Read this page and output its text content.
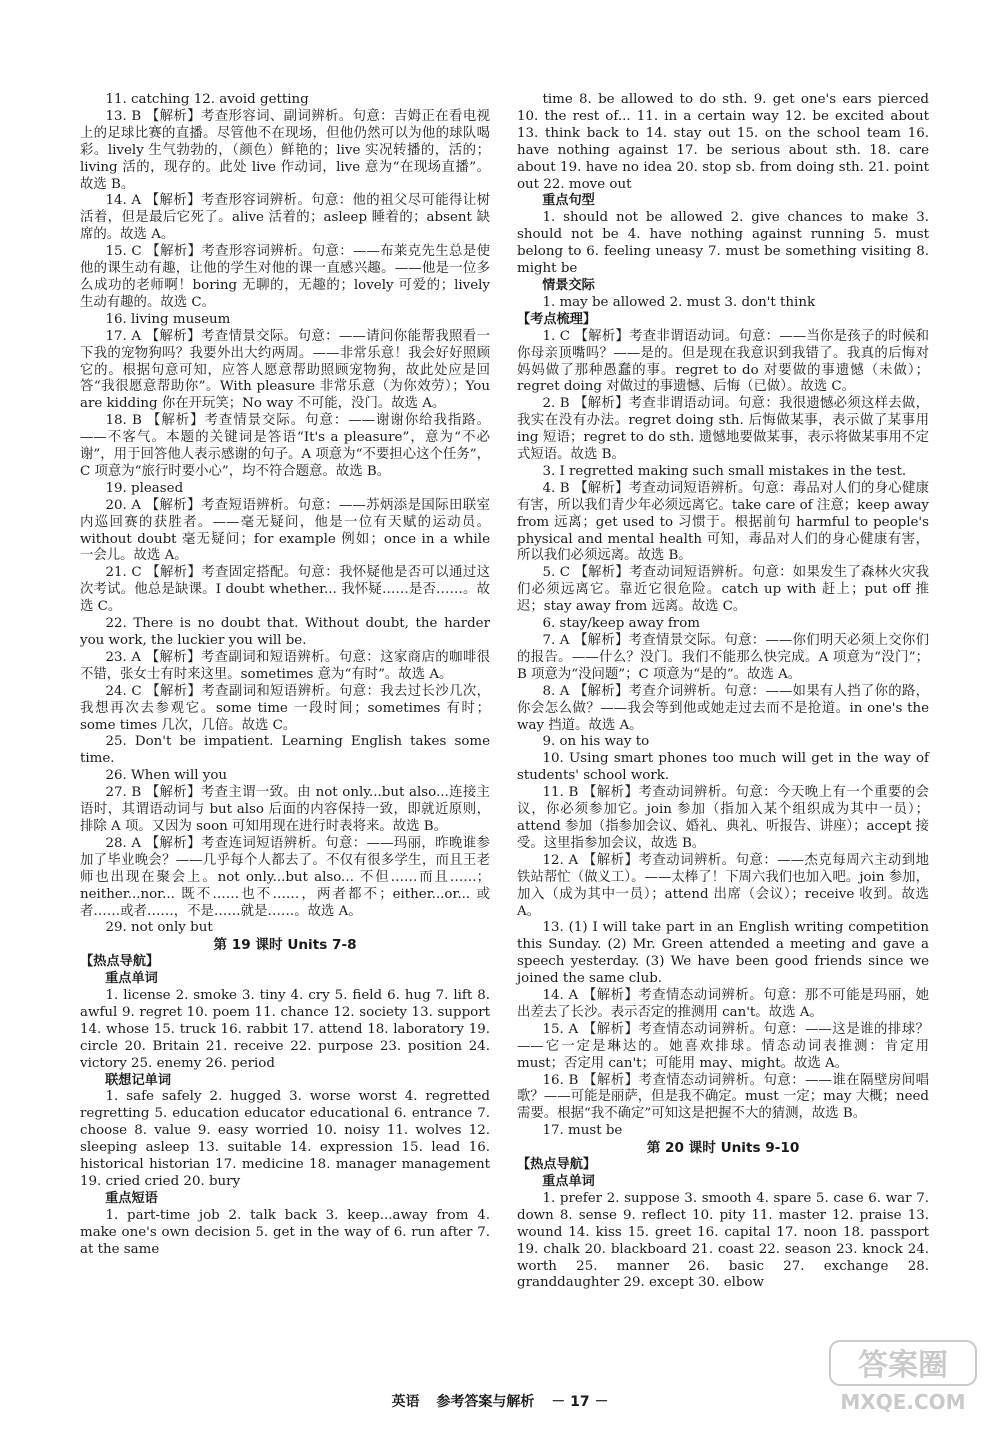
11. catching 12. avoid getting
13. B 【解析】考查形容词、副词辨析。句意：吉姆正在看电视上的足球比赛的直播。尽管他不在现场，但他仍然可以为他的球队喝彩。lively 生气勃勃的，（颜色）鲜艳的；live 实况转播的，活的；living 活的，现存的。此处 live 作动词，live 意为“在现场直播”。故选 B。
14. A 【解析】考查形容词辨析。句意：他的祖父尽可能得让树活着，但是最后它死了。alive 活着的；asleep 睡着的；absent 缺席的。故选 A。
15. C 【解析】考查形容词辨析。句意：——布莱克先生总是使他的课生动有趣，让他的学生对他的课一直感兴趣。——他是一位多么成功的老师啊！boring 无聊的，无趣的；lovely 可爱的；lively 生动有趣的。故选 C。
16. living museum
17. A 【解析】考查情景交际。句意：——请问你能帮我照看一下我的宠物狗吗？我要外出大约两周。——非常乐意！我会好好照顾它的。根据句意可知，应答人愿意帮助照顾宠物狗，故此处应是回答“我很愿意帮助你”。With pleasure 非常乐意（为你效劳）；You are kidding 你在开玩笑；No way 不可能，没门。故选 A。
18. B 【解析】考查情景交际。句意：——谢谢你给我指路。——不客气。本题的关键词是答语“It's a pleasure”，意为“不必谢”，用于回答他人表示感谢的句子。A 项意为“不要担心这个任务”，C 项意为“旅行时要小心”，均不符合题意。故选 B。
19. pleased
20. A 【解析】考查短语辨析。句意：——苏炳添是国际田联室内巡回赛的获胜者。——毫无疑问，他是一位有天赋的运动员。without doubt 毫无疑问；for example 例如；once in a while 一会儿。故选 A。
21. C 【解析】考查固定搭配。句意：我怀疑他是否可以通过这次考试。他总是缺课。I doubt whether... 我怀疑……是否……。故选 C。
22. There is no doubt that. Without doubt, the harder you work, the luckier you will be.
23. A 【解析】考查副词和短语辨析。句意：这家商店的咖啡很不错，张女士有时来这里。sometimes 意为“有时”。故选 A。
24. C 【解析】考查副词和短语辨析。句意：我去过长沙几次，我想再次去参观它。some time 一段时间；sometimes 有时；some times 几次，几倍。故选 C。
25. Don't be impatient. Learning English takes some time.
26. When will you
27. B 【解析】考查主谓一致。由 not only...but also...连接主语时，其谓语动词与 but also 后面的内容保持一致，即就近原则，排除 A 项。又因为 soon 可知用现在进行时表将来。故选 B。
28. A 【解析】考查连词短语辨析。句意：——玛丽，昨晚谁参加了毕业晚会？——几乎每个人都去了。不仅有很多学生，而且王老师也出现在聚会上。not only...but also... 不但……而且……；neither...nor... 既不……也不……，两者都不；either...or... 或者……或者……，不是……就是……。故选 A。
29. not only but
第 19 课时 Units 7-8
【热点导航】
重点单词
1. license 2. smoke 3. tiny 4. cry 5. field 6. hug 7. lift 8. awful 9. regret 10. poem 11. chance 12. society 13. support 14. whose 15. truck 16. rabbit 17. attend 18. laboratory 19. circle 20. Britain 21. receive 22. purpose 23. position 24. victory 25. enemy 26. period
联想记单词
1. safe safely 2. hugged 3. worse worst 4. regretted regretting 5. education educator educational 6. entrance 7. choose 8. value 9. easy worried 10. noisy 11. wolves 12. sleeping asleep 13. suitable 14. expression 15. lead 16. historical historian 17. medicine 18. manager management 19. cried cried 20. bury
重点短语
1. part-time job 2. talk back 3. keep...away from 4. make one's own decision 5. get in the way of 6. run after 7. at the same
time 8. be allowed to do sth. 9. get one's ears pierced 10. the rest of... 11. in a certain way 12. be excited about 13. think back to 14. stay out 15. on the school team 16. have nothing against 17. be serious about sth. 18. care about 19. have no idea 20. stop sb. from doing sth. 21. point out 22. move out
重点句型
1. should not be allowed 2. give chances to make 3. should not be 4. have nothing against running 5. must belong to 6. feeling uneasy 7. must be something visiting 8. might be
情景交际
1. may be allowed 2. must 3. don't think
【考点梳理】
1. C 【解析】考查非谓语动词。句意：——当你是孩子的时候和你母亲顶嘴吗？——是的。但是现在我意识到我错了。我真的后悔对妈妈做了那种愚蠢的事。regret to do 对要做的事遗憾（未做）；regret doing 对做过的事遗憾、后悔（已做）。故选 C。
2. B 【解析】考查非谓语动词。句意：我很遗憾必须这样去做，我实在没有办法。regret doing sth. 后悔做某事，表示做了某事用 ing 短语；regret to do sth. 遗憾地要做某事，表示将做某事用不定式短语。故选 B。
3. I regretted making such small mistakes in the test.
4. B 【解析】考查动词短语辨析。句意：毒品对人们的身心健康有害，所以我们青少年必须远离它。take care of 注意；keep away from 远离；get used to 习惯于。根据前句 harmful to people's physical and mental health 可知，毒品对人们的身心健康有害，所以我们必须远离。故选 B。
5. C 【解析】考查动词短语辨析。句意：如果发生了森林火灾我们必须远离它。靠近它很危险。catch up with 赶上；put off 推迟；stay away from 远离。故选 C。
6. stay/keep away from
7. A 【解析】考查情景交际。句意：——你们明天必须上交你们的报告。——什么？没门。我们不能那么快完成。A 项意为“没门”；B 项意为“没问题”；C 项意为“是的”。故选 A。
8. A 【解析】考查介词辨析。句意：——如果有人挡了你的路，你会怎么做？——我会等到他或她走过去而不是抢道。in one's the way 挡道。故选 A。
9. on his way to
10. Using smart phones too much will get in the way of students' school work.
11. B 【解析】考查动词辨析。句意：今天晚上有一个重要的会议，你必须参加它。join 参加（指加入某个组织成为其中一员）；attend 参加（指参加会议、婚礼、典礼、听报告、讲座）；accept 接受。这里指参加会议，故选 B。
12. A 【解析】考查动词辨析。句意：——杰克每周六主动到地铁站帮忙（做义工）。——太棒了！下周六我们也加入吧。join 参加，加入（成为其中一员）；attend 出席（会议）；receive 收到。故选 A。
13. (1) I will take part in an English writing competition this Sunday. (2) Mr. Green attended a meeting and gave a speech yesterday. (3) We have been good friends since we joined the same club.
14. A 【解析】考查情态动词辨析。句意：那不可能是玛丽，她出差去了长沙。表示否定的推测用 can't。故选 A。
15. A 【解析】考查情态动词辨析。句意：——这是谁的排球？——它一定是琳达的。她喜欢排球。情态动词表推测：肯定用 must；否定用 can't；可能用 may、might。故选 A。
16. B 【解析】考查情态动词辨析。句意：——谁在隔壁房间唱歌？——可能是丽萨，但是我不确定。must 一定；may 大概；need 需要。根据“我不确定”可知这是把握不大的猜测，故选 B。
17. must be
第 20 课时 Units 9-10
【热点导航】
重点单词
1. prefer 2. suppose 3. smooth 4. spare 5. case 6. war 7. down 8. sense 9. reflect 10. pity 11. master 12. praise 13. wound 14. kiss 15. greet 16. capital 17. noon 18. passport 19. chalk 20. blackboard 21. coast 22. season 23. knock 24. worth 25. manner 26. basic 27. exchange 28. granddaughter 29. except 30. elbow
英语 参考答案与解析 － 17 －
答案圈
MXQE.COM
